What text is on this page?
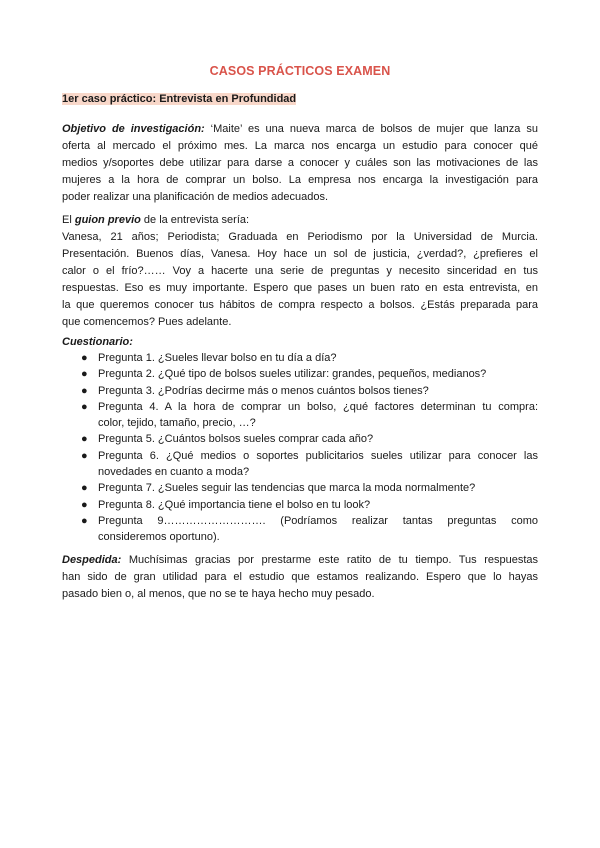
CASOS PRÁCTICOS EXAMEN
1er caso práctico: Entrevista en Profundidad
Objetivo de investigación: ‘Maite’ es una nueva marca de bolsos de mujer que lanza su
oferta al mercado el próximo mes. La marca nos encarga un estudio para conocer qué
medios y/soportes debe utilizar para darse a conocer y cuáles son las motivaciones de las
mujeres a la hora de comprar un bolso. La empresa nos encarga la investigación para
poder realizar una planificación de medios adecuados.
El guion previo de la entrevista sería:
Vanesa, 21 años; Periodista; Graduada en Periodismo por la Universidad de Murcia.
Presentación. Buenos días, Vanesa. Hoy hace un sol de justicia, ¿verdad?, ¿prefieres el
calor o el frío?…… Voy a hacerte una serie de preguntas y necesito sinceridad en tus
respuestas. Eso es muy importante. Espero que pases un buen rato en esta entrevista, en
la que queremos conocer tus hábitos de compra respecto a bolsos. ¿Estás preparada para
que comencemos? Pues adelante.
Cuestionario:
● Pregunta 1. ¿Sueles llevar bolso en tu día a día?
● Pregunta 2. ¿Qué tipo de bolsos sueles utilizar: grandes, pequeños, medianos?
● Pregunta 3. ¿Podrías decirme más o menos cuántos bolsos tienes?
● Pregunta 4. A la hora de comprar un bolso, ¿qué factores determinan tu compra:
color, tejido, tamaño, precio, …?
● Pregunta 5. ¿Cuántos bolsos sueles comprar cada año?
● Pregunta 6. ¿Qué medios o soportes publicitarios sueles utilizar para conocer las
novedades en cuanto a moda?
● Pregunta 7. ¿Sueles seguir las tendencias que marca la moda normalmente?
● Pregunta 8. ¿Qué importancia tiene el bolso en tu look?
● Pregunta 9………………………. (Podríamos realizar tantas preguntas como
consideremos oportuno).
Despedida: Muchísimas gracias por prestarme este ratito de tu tiempo. Tus respuestas
han sido de gran utilidad para el estudio que estamos realizando. Espero que lo hayas
pasado bien o, al menos, que no se te haya hecho muy pesado.
